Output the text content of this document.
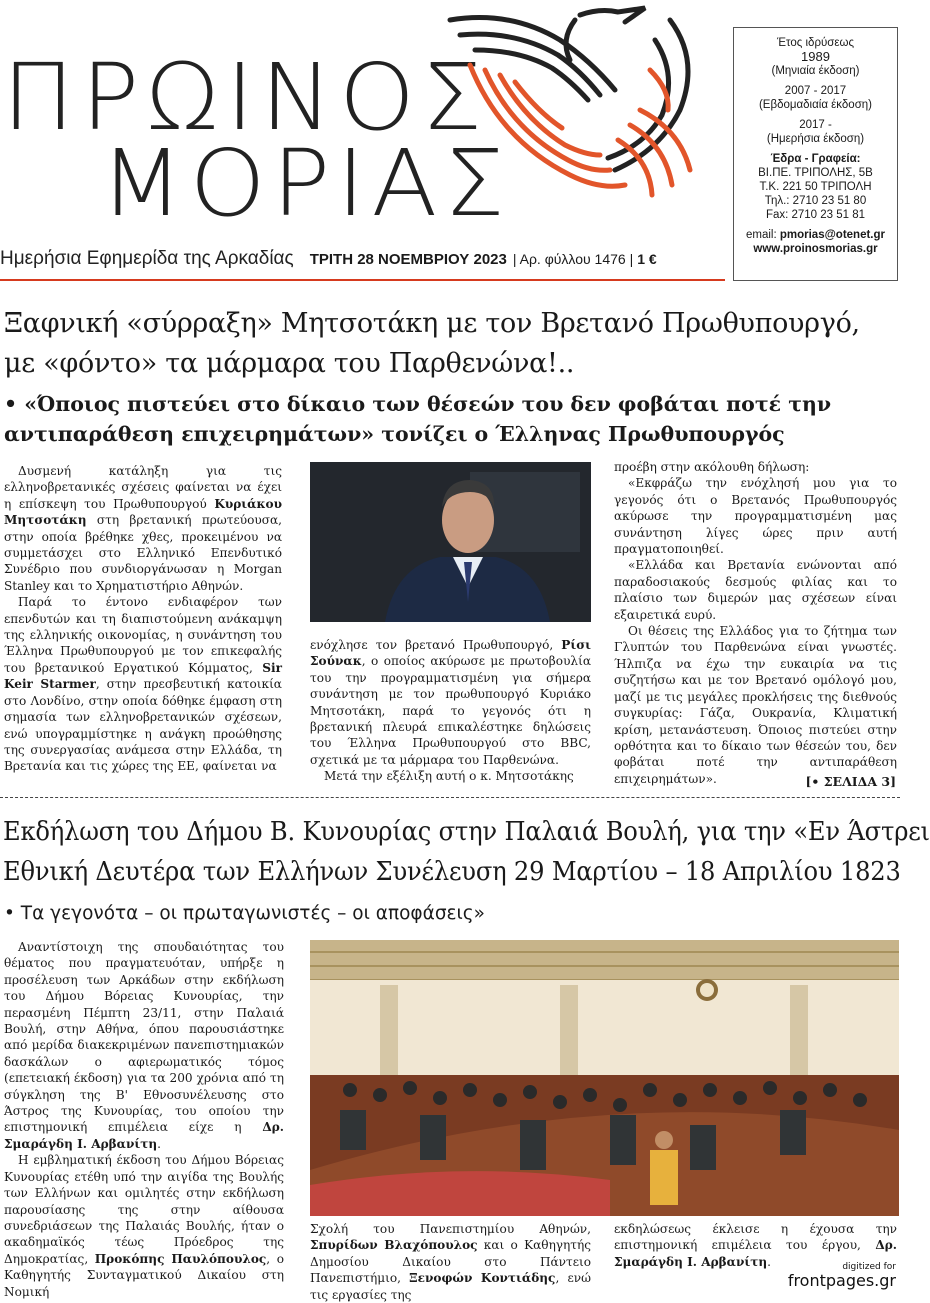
ΠΡΩΙΝΟΣ
ΜΟΡΙΑΣ
Ημερήσια Εφημερίδα της Αρκαδίας ΤΡΙΤΗ 28 ΝΟΕΜΒΡΙΟΥ 2023 | Αρ. φύλλου 1476 | 1 €
Έτος ιδρύσεως
1989
(Μηνιαία έκδοση)
2007 - 2017
(Εβδομαδιαία έκδοση)
2017 -
(Ημερήσια έκδοση)
Έδρα - Γραφεία:
ΒΙ.ΠΕ. ΤΡΙΠΟΛΗΣ, 5Β
Τ.Κ. 221 50 ΤΡΙΠΟΛΗ
Τηλ.: 2710 23 51 80
Fax: 2710 23 51 81
email: pmorias@otenet.gr
www.proinosmorias.gr
Ξαφνική «σύρραξη» Μητσοτάκη με τον Βρετανό Πρωθυπουργό,
με «φόντο» τα μάρμαρα του Παρθενώνα!..
• «Όποιος πιστεύει στο δίκαιο των θέσεών του δεν φοβάται ποτέ την αντιπαράθεση επιχειρημάτων» τονίζει ο Έλληνας Πρωθυπουργός

Δυσμενή κατάληξη για τις ελληνοβρετανικές σχέσεις φαίνεται να έχει η επίσκεψη του Πρωθυπουργού Κυριάκου Μητσοτάκη στη βρετανική πρωτεύουσα, στην οποία βρέθηκε χθες, προκειμένου να συμμετάσχει στο Ελληνικό Επενδυτικό Συνέδριο που συνδιοργάνωσαν η Morgan Stanley και το Χρηματιστήριο Αθηνών.

Παρά το έντονο ενδιαφέρον των επενδυτών και τη διαπιστούμενη ανάκαμψη της ελληνικής οικονομίας, η συνάντηση του Έλληνα Πρωθυπουργού με τον επικεφαλής του βρετανικού Εργατικού Κόμματος, Sir Keir Starmer, στην πρεσβευτική κατοικία στο Λονδίνο, στην οποία δόθηκε έμφαση στη σημασία των ελληνοβρετανικών σχέσεων, ενώ υπογραμμίστηκε η ανάγκη προώθησης της συνεργασίας ανάμεσα στην Ελλάδα, τη Βρετανία και τις χώρες της ΕΕ, φαίνεται να

ενόχλησε τον βρετανό Πρωθυπουργό, Ρίσι Σούνακ, ο οποίος ακύρωσε με πρωτοβουλία του την προγραμματισμένη για σήμερα συνάντηση με τον πρωθυπουργό Κυριάκο Μητσοτάκη, παρά το γεγονός ότι η βρετανική πλευρά επικαλέστηκε δηλώσεις του Έλληνα Πρωθυπουργού στο BBC, σχετικά με τα μάρμαρα του Παρθενώνα.

Μετά την εξέλιξη αυτή ο κ. Μητσοτάκης

προέβη στην ακόλουθη δήλωση:

«Εκφράζω την ενόχλησή μου για το γεγονός ότι ο Βρετανός Πρωθυπουργός ακύρωσε την προγραμματισμένη μας συνάντηση λίγες ώρες πριν αυτή πραγματοποιηθεί.

«Ελλάδα και Βρετανία ενώνονται από παραδοσιακούς δεσμούς φιλίας και το πλαίσιο των διμερών μας σχέσεων είναι εξαιρετικά ευρύ.

Οι θέσεις της Ελλάδος για το ζήτημα των Γλυπτών του Παρθενώνα είναι γνωστές. Ήλπιζα να έχω την ευκαιρία να τις συζητήσω και με τον Βρετανό ομόλογό μου, μαζί με τις μεγάλες προκλήσεις της διεθνούς συγκυρίας: Γάζα, Ουκρανία, Κλιματική κρίση, μετανάστευση. Όποιος πιστεύει στην ορθότητα και το δίκαιο των θέσεών του, δεν φοβάται ποτέ την αντιπαράθεση επιχειρημάτων».	[• ΣΕΛΙΔΑ 3]
Εκδήλωση του Δήμου Β. Κυνουρίας στην Παλαιά Βουλή, για την «Εν Άστρει
Εθνική Δευτέρα των Ελλήνων Συνέλευση 29 Μαρτίου – 18 Απριλίου 1823
• Τα γεγονότα – οι πρωταγωνιστές – οι αποφάσεις»

Αναντίστοιχη της σπουδαιότητας του θέματος που πραγματευόταν, υπήρξε η προσέλευση των Αρκάδων στην εκδήλωση του Δήμου Βόρειας Κυνουρίας, την περασμένη Πέμπτη 23/11, στην Παλαιά Βουλή, στην Αθήνα, όπου παρουσιάστηκε από μερίδα διακεκριμένων πανεπιστημιακών δασκάλων ο αφιερωματικός τόμος (επετειακή έκδοση) για τα 200 χρόνια από τη σύγκληση της Β' Εθνοσυνέλευσης στο Άστρος της Κυνουρίας, του οποίου την επιστημονική επιμέλεια είχε η Δρ. Σμαράγδη Ι. Αρβανίτη.

Η εμβληματική έκδοση του Δήμου Βόρειας Κυνουρίας ετέθη υπό την αιγίδα της Βουλής των Ελλήνων και ομιλητές στην εκδήλωση παρουσίασης της στην αίθουσα συνεδριάσεων της Παλαιάς Βουλής, ήταν ο ακαδημαϊκός τέως Πρόεδρος της Δημοκρατίας, Προκόπης Παυλόπουλος, ο Καθηγητής Συνταγματικού Δικαίου στη Νομική

Σχολή του Πανεπιστημίου Αθηνών, Σπυρίδων Βλαχόπουλος και ο Καθηγητής Δημοσίου Δικαίου στο Πάντειο Πανεπιστήμιο, Ξενοφών Κοντιάδης, ενώ τις εργασίες της

εκδηλώσεως έκλεισε η έχουσα την επιστημονική επιμέλεια του έργου, Δρ. Σμαράγδη Ι. Αρβανίτη.	digitized for
frontpages.gr
